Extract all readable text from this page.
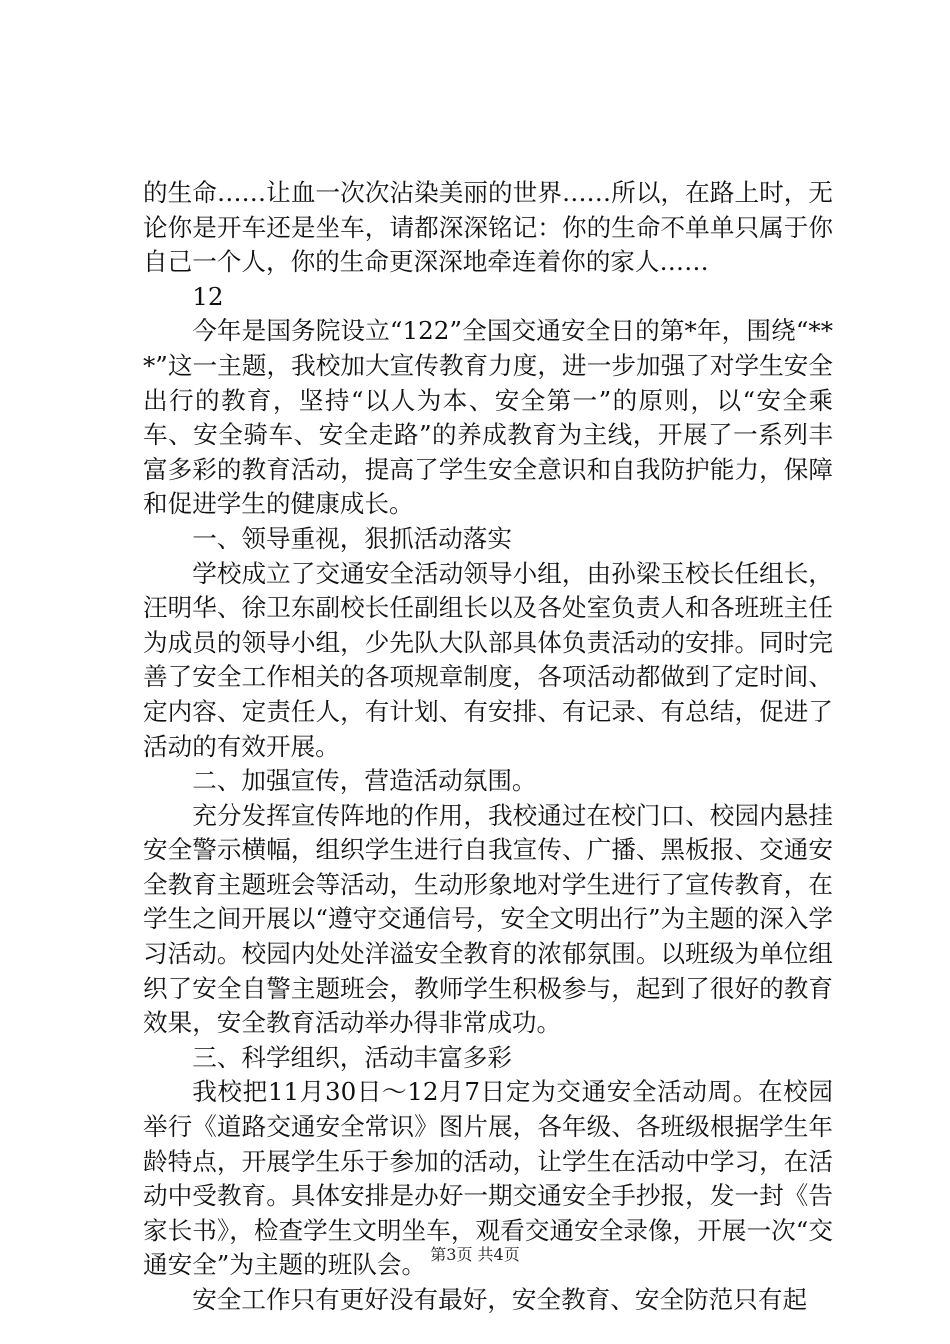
的生命……让血一次次沾染美丽的世界……所以，在路上时，无论你是开车还是坐车，请都深深铭记：你的生命不单单只属于你自己一个人，你的生命更深深地牵连着你的家人……

12

今年是国务院设立“122”全国交通安全日的第*年，围绕“***”这一主题，我校加大宣传教育力度，进一步加强了对学生安全出行的教育，坚持“以人为本、安全第一”的原则，以“安全乘车、安全骑车、安全走路”的养成教育为主线，开展了一系列丰富多彩的教育活动，提高了学生安全意识和自我防护能力，保障和促进学生的健康成长。

一、领导重视，狠抓活动落实

学校成立了交通安全活动领导小组，由孙梁玉校长任组长，汪明华、徐卫东副校长任副组长以及各处室负责人和各班班主任为成员的领导小组，少先队大队部具体负责活动的安排。同时完善了安全工作相关的各项规章制度，各项活动都做到了定时间、定内容、定责任人，有计划、有安排、有记录、有总结，促进了活动的有效开展。

二、加强宣传，营造活动氛围。

充分发挥宣传阵地的作用，我校通过在校门口、校园内悬挂安全警示横幅，组织学生进行自我宣传、广播、黑板报、交通安全教育主题班会等活动，生动形象地对学生进行了宣传教育，在学生之间开展以“遵守交通信号，安全文明出行”为主题的深入学习活动。校园内处处洋溢安全教育的浓郁氛围。以班级为单位组织了安全自警主题班会，教师学生积极参与，起到了很好的教育效果，安全教育活动举办得非常成功。

三、科学组织，活动丰富多彩

我校把11月30日～12月7日定为交通安全活动周。在校园举行《道路交通安全常识》图片展，各年级、各班级根据学生年龄特点，开展学生乐于参加的活动，让学生在活动中学习，在活动中受教育。具体安排是办好一期交通安全手抄报，发一封《告家长书》，检查学生文明坐车，观看交通安全录像，开展一次“交通安全”为主题的班队会。

安全工作只有更好没有最好，安全教育、安全防范只有起

第3页 共4页
